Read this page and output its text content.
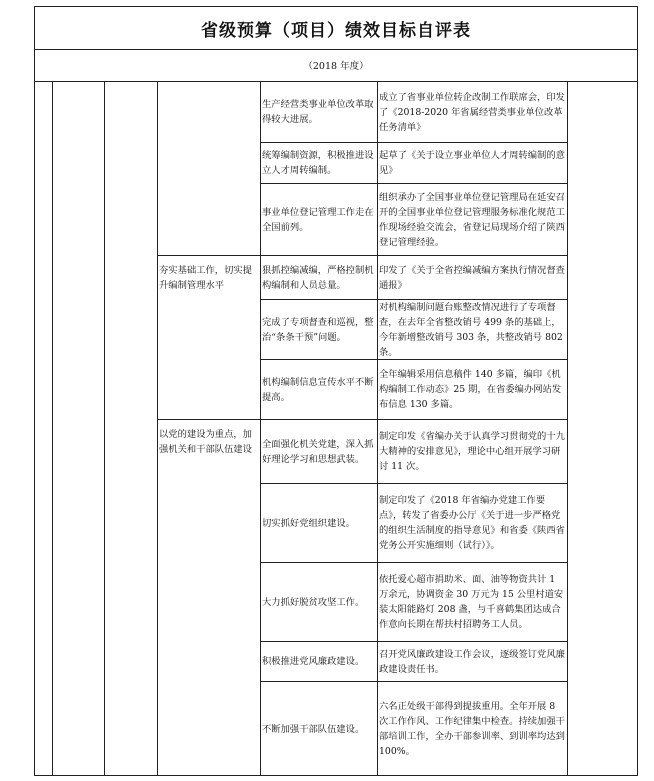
省级预算（项目）绩效目标自评表
（2018 年度）
夯实基础工作，切实提升编制管理水平
以党的建设为重点，加强机关和干部队伍建设
生产经营类事业单位改革取得较大进展。
统筹编制资源，积极推进设立人才周转编制。
事业单位登记管理工作走在全国前列。
狠抓控编减编，严格控制机构编制和人员总量。
完成了专项督查和巡视，整治“条条干预”问题。
机构编制信息宣传水平不断提高。
全面强化机关党建，深入抓好理论学习和思想武装。
切实抓好党组织建设。
大力抓好脱贫攻坚工作。
积极推进党风廉政建设。
不断加强干部队伍建设。
成立了省事业单位转企改制工作联席会，印发了《2018-2020 年省属经营类事业单位改革任务清单》
起草了《关于设立事业单位人才周转编制的意见》
组织承办了全国事业单位登记管理局在延安召开的全国事业单位登记管理服务标准化规范工作现场经验交流会，省登记局现场介绍了陕西登记管理经验。
印发了《关于全省控编减编方案执行情况督查通报》
对机构编制问题台账整改情况进行了专项督查，在去年全省整改销号 499 条的基础上，今年新增整改销号 303 条，共整改销号 802 条。
全年编辑采用信息稿件 140 多篇，编印《机构编制工作动态》25 期，在省委编办网站发布信息 130 多篇。
制定印发《省编办关于认真学习贯彻党的十九大精神的安排意见》，理论中心组开展学习研讨 11 次。
制定印发了《2018 年省编办党建工作要点》，转发了省委办公厅《关于进一步严格党的组织生活制度的指导意见》和省委《陕西省党务公开实施细则（试行）》。
依托爱心超市捐助米、面、油等物资共计 1 万余元，协调资金 30 万元为 15 公里村道安装太阳能路灯 208 盏，与千喜鹤集团达成合作意向长期在帮扶村招聘务工人员。
召开党风廉政建设工作会议，逐级签订党风廉政建设责任书。
六名正处级干部得到提拔重用。全年开展 8 次工作作风、工作纪律集中检查。持续加强干部培训工作，全办干部参训率、到训率均达到 100%。
